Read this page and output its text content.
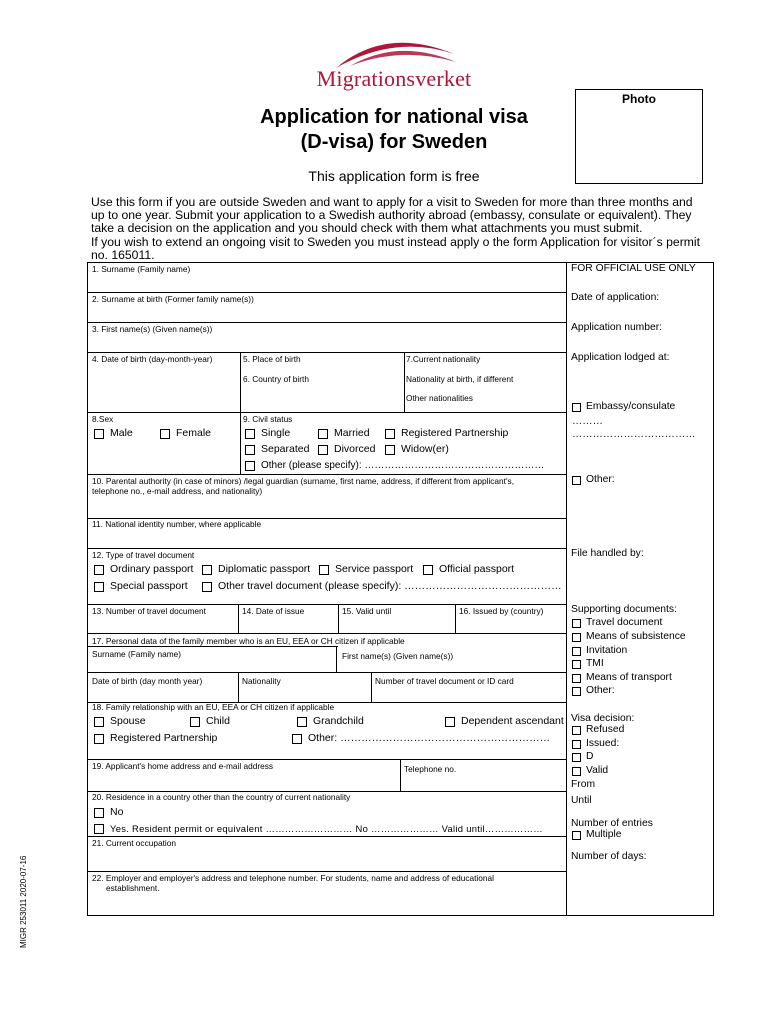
Migrationsverket
Application for national visa
(D-visa) for Sweden
This application form is free
Photo

Use this form if you are outside Sweden and want to apply for a visit to Sweden for more than three months and up to one year. Submit your application to a Swedish authority abroad (embassy, consulate or equivalent). They take a decision on the application and you should check with them what attachments you must submit.

If you wish to extend an ongoing visit to Sweden you must instead apply o the form Application for visitor´s permit no. 165011.

1. Surname (Family name)
2. Surname at birth (Former family name(s))
3. First name(s) (Given name(s))
4. Date of birth (day-month-year)	5. Place of birth
6. Country of birth
7.Current nationality
Nationality at birth, if different
Other nationalities
8.Sex	9. Civil status
Male	Female	Single	Married	Registered Partnership
Separated Divorced Widow(er)
Other (please specify): ………………………………………………
10. Parental authority (in case of minors) /legal guardian (surname, first name, address, if different from applicant's,
telephone no., e-mail address, and nationality)
11. National identity number, where applicable
12. Type of travel document
Ordinary passport Diplomatic passport Service passport Official passport
Special passport	Other travel document (please specify): ………………………………………
13. Number of travel document	14. Date of issue	15. Valid until	16. Issued by (country)
17. Personal data of the family member who is an EU, EEA or CH citizen if applicable
Surname (Family name)	First name(s) (Given name(s))
Date of birth (day month year)	Nationality	Number of travel document or ID card
18. Family relationship with an EU, EEA or CH citizen if applicable
Spouse	Child	Grandchild	Dependent ascendant
Registered Partnership	Other: ……………………………………………………
19. Applicant's home address and e-mail address	Telephone no.
20. Residence in a country other than the country of current nationality
No
Yes. Resident permit or equivalent ……………………… No ………………… Valid until………………
21. Current occupation
22. Employer and employer's address and telephone number. For students, name and address of educational
establishment.
FOR OFFICIAL USE ONLY
Date of application:
Application number:
Application lodged at:
Embassy/consulate
………
………………………………
Other:
File handled by:
Supporting documents:
Travel document
Means of subsistence
Invitation
TMI
Means of transport
Other:
Visa decision:
Refused
Issued:
D
Valid
From
Until
Number of entries
Multiple
Number of days:
MIGR 253011 2020-07-16
